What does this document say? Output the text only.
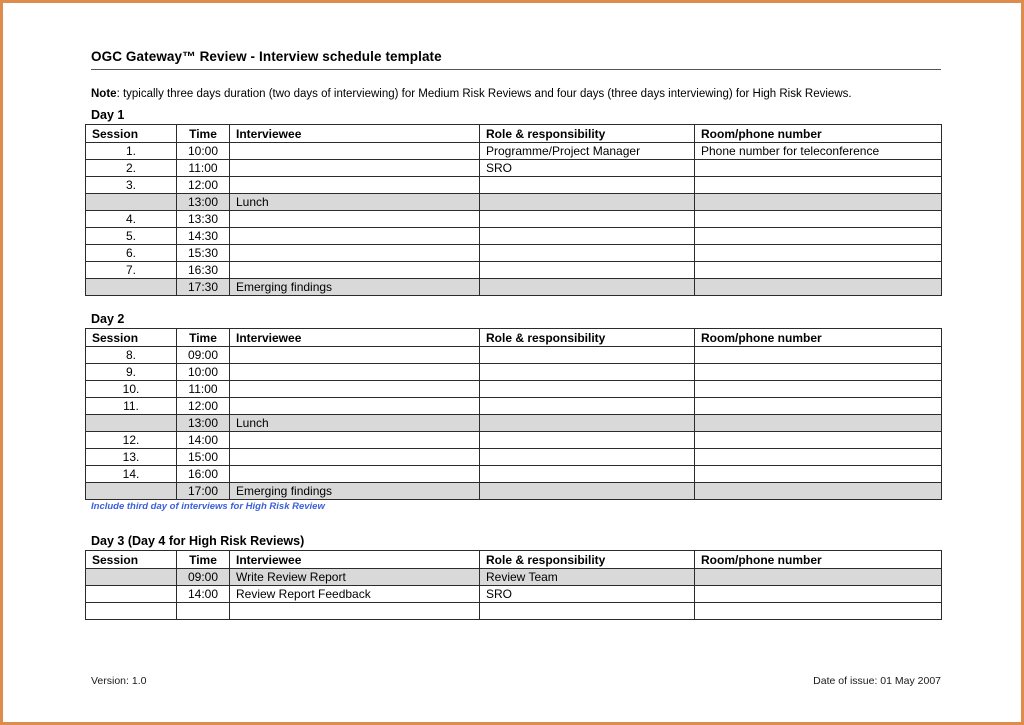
OGC Gateway™ Review - Interview schedule template

Note: typically three days duration (two days of interviewing) for Medium Risk Reviews and four days (three days interviewing) for High Risk Reviews.

Day 1
Session	Time	Interviewee	Role & responsibility	Room/phone number
1.	10:00		Programme/Project Manager	Phone number for teleconference
2.	11:00		SRO	
3.	12:00			
	13:00	Lunch		
4.	13:30			
5.	14:30			
6.	15:30			
7.	16:30			
	17:30	Emerging findings		
Day 2
Session	Time	Interviewee	Role & responsibility	Room/phone number
8.	09:00			
9.	10:00			
10.	11:00			
11.	12:00			
	13:00	Lunch		
12.	14:00			
13.	15:00			
14.	16:00			
	17:00	Emerging findings		

Include third day of interviews for High Risk Review

Day 3 (Day 4 for High Risk Reviews)
Session	Time	Interviewee	Role & responsibility	Room/phone number
	09:00	Write Review Report	Review Team	
	14:00	Review Report Feedback	SRO	

Version: 1.0	Date of issue: 01 May 2007
